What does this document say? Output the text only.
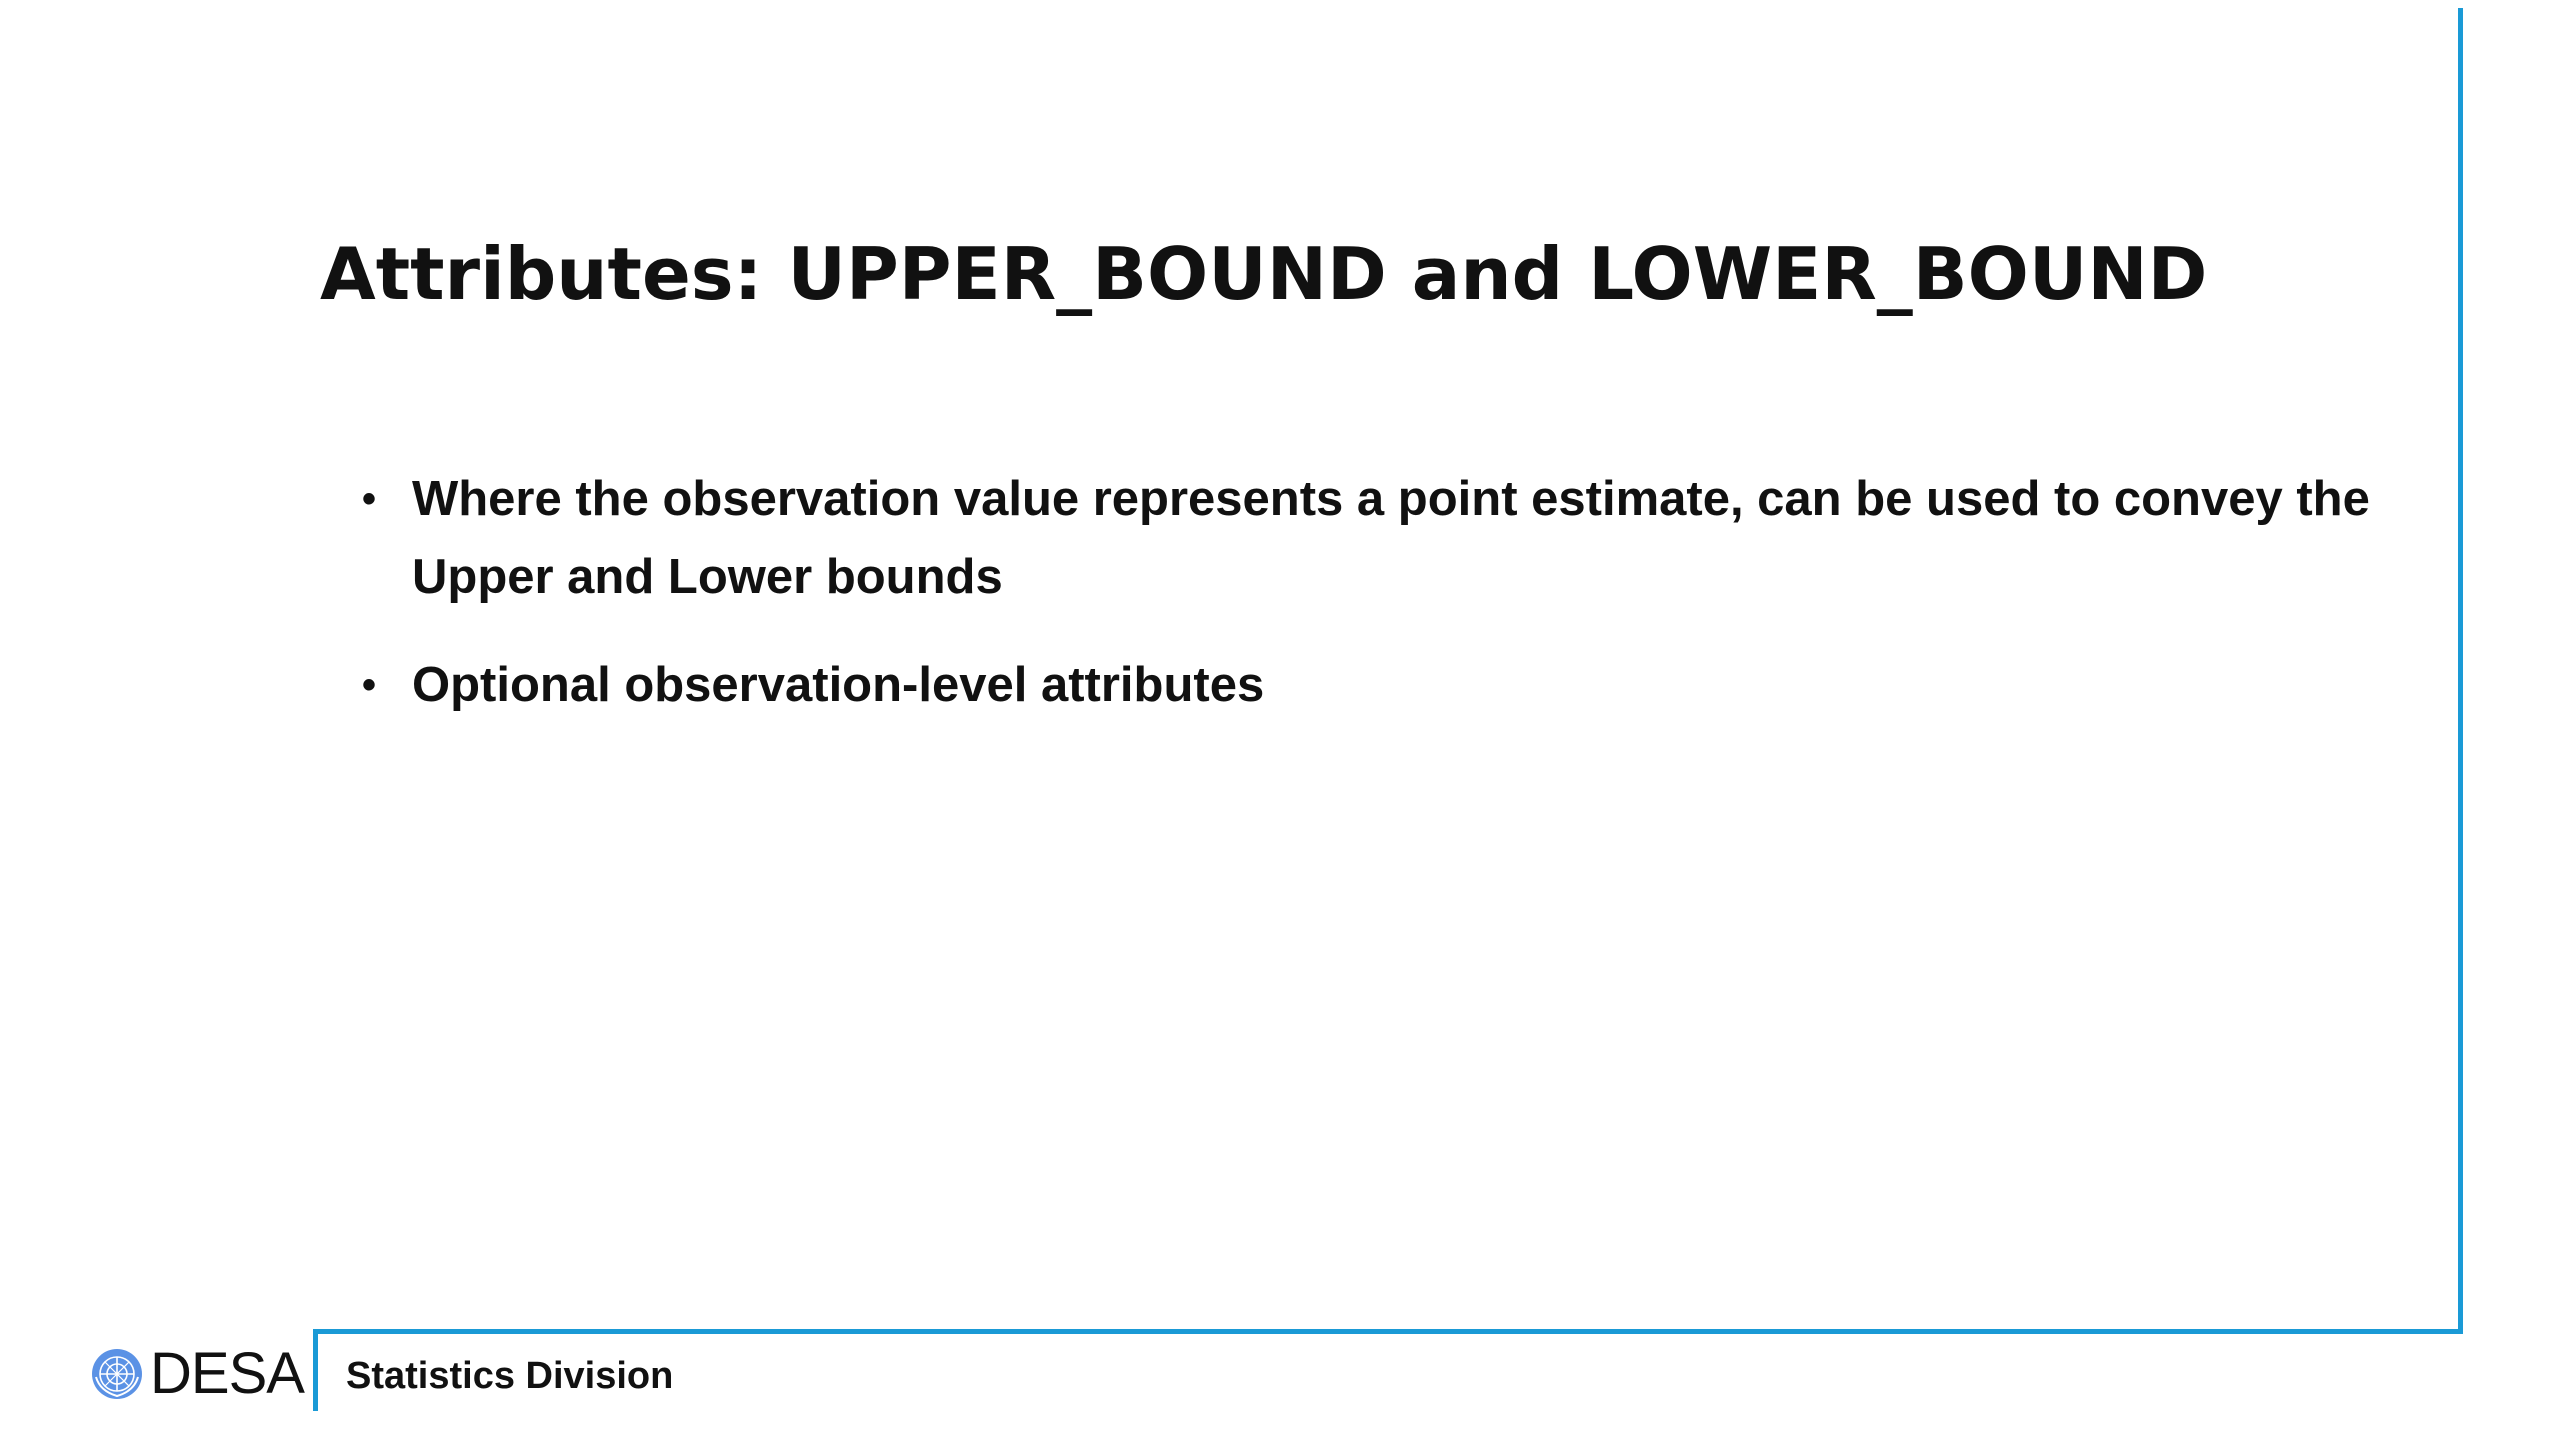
Attributes: UPPER_BOUND and LOWER_BOUND
• Where the observation value represents a point estimate, can be used to convey the Upper and Lower bounds
• Optional observation-level attributes
DESA Statistics Division
